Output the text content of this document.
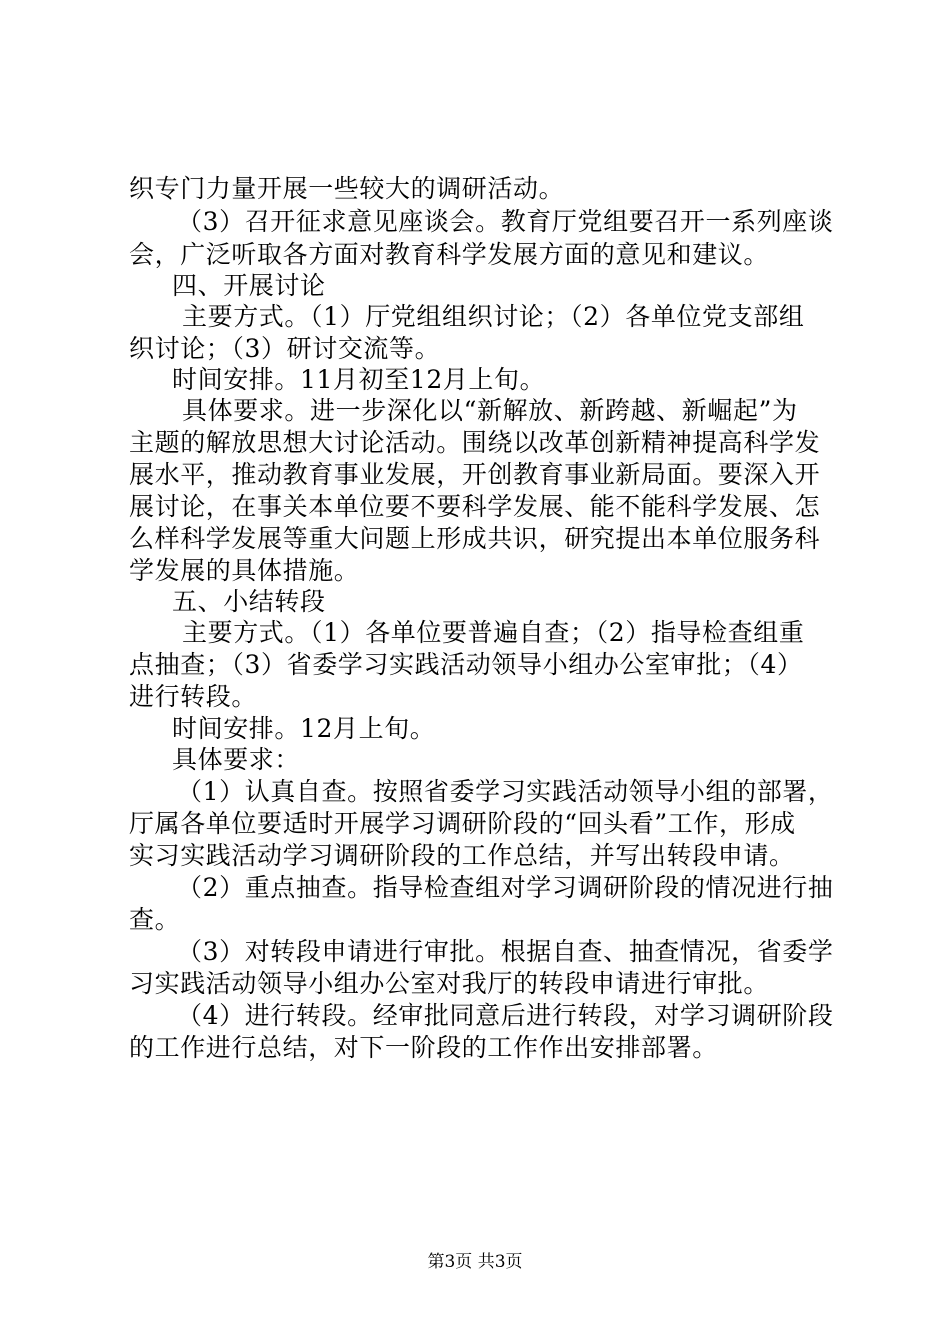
织专门力量开展一些较大的调研活动。
（3）召开征求意见座谈会。教育厅党组要召开一系列座谈
会，广泛听取各方面对教育科学发展方面的意见和建议。
四、开展讨论
主要方式。（1）厅党组组织讨论；（2）各单位党支部组
织讨论；（3）研讨交流等。
时间安排。11月初至12月上旬。
具体要求。进一步深化以“新解放、新跨越、新崛起”为
主题的解放思想大讨论活动。围绕以改革创新精神提高科学发
展水平，推动教育事业发展，开创教育事业新局面。要深入开
展讨论，在事关本单位要不要科学发展、能不能科学发展、怎
么样科学发展等重大问题上形成共识，研究提出本单位服务科
学发展的具体措施。
五、小结转段
主要方式。（1）各单位要普遍自查；（2）指导检查组重
点抽查；（3）省委学习实践活动领导小组办公室审批；（4）
进行转段。
时间安排。12月上旬。
具体要求：
（1）认真自查。按照省委学习实践活动领导小组的部署，
厅属各单位要适时开展学习调研阶段的“回头看”工作，形成
实习实践活动学习调研阶段的工作总结，并写出转段申请。
（2）重点抽查。指导检查组对学习调研阶段的情况进行抽
查。
（3）对转段申请进行审批。根据自查、抽查情况，省委学
习实践活动领导小组办公室对我厅的转段申请进行审批。
（4）进行转段。经审批同意后进行转段，对学习调研阶段
的工作进行总结，对下一阶段的工作作出安排部署。
第3页 共3页
